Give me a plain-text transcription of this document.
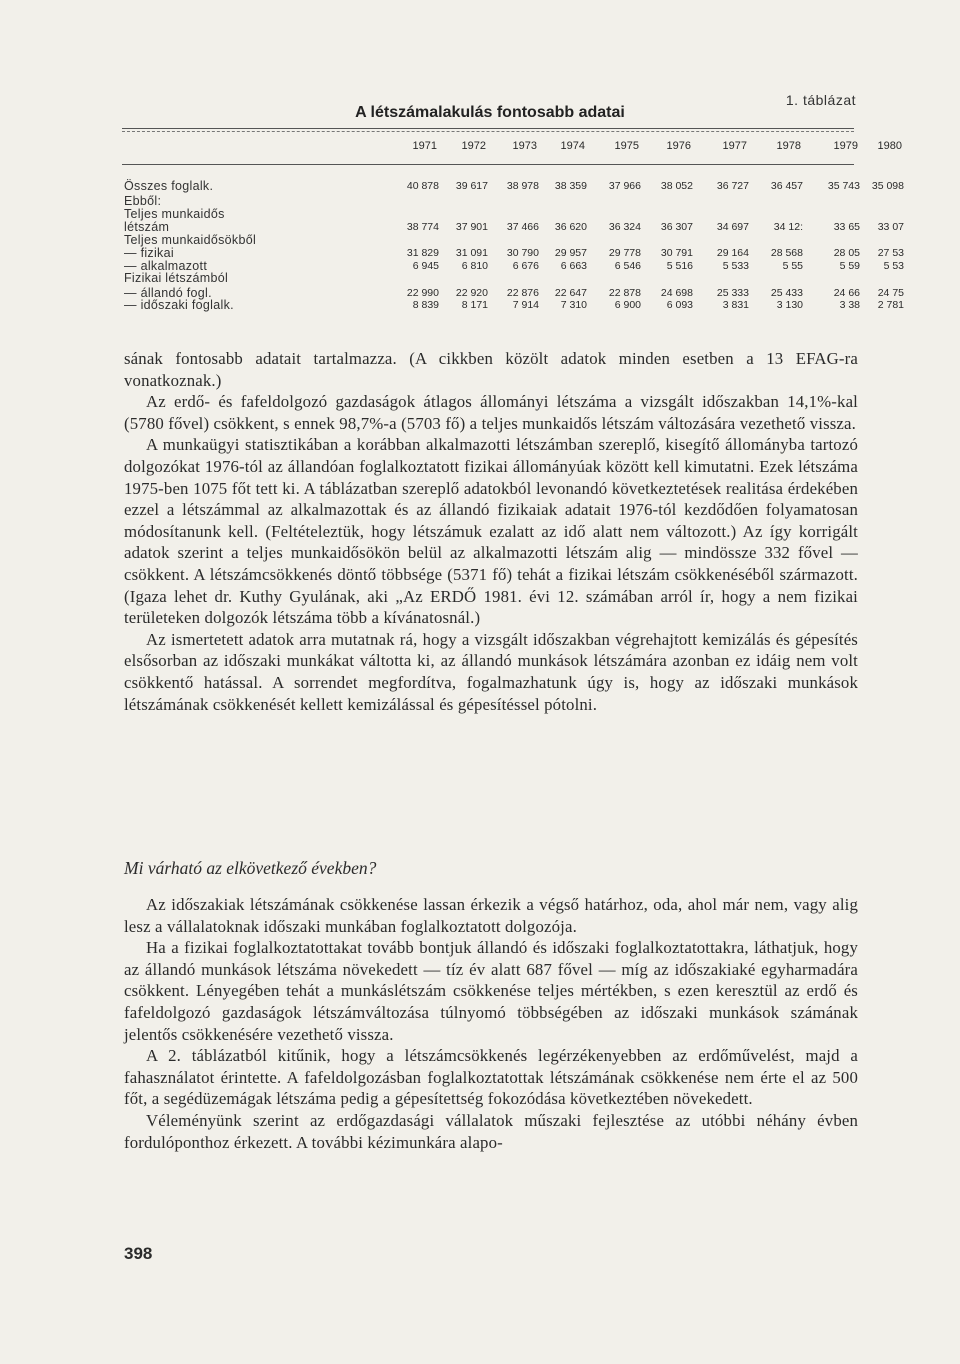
1. táblázat
A létszámalakulás fontosabb adatai
1971	1972	1973	1974	1975	1976	1977	1978	1979	1980
Összes foglalk.	40 878	39 617	38 978	38 359	37 966	38 052	36 727	36 457	35 743	35 098
Ebből:
Teljes munkaidős
létszám	38 774	37 901	37 466	36 620	36 324	36 307	34 697	34 12:	33 65	33 07
Teljes munkaidősökből
— fizikai	31 829	31 091	30 790	29 957	29 778	30 791	29 164	28 568	28 05	27 53
— alkalmazott	6 945	6 810	6 676	6 663	6 546	5 516	5 533	5 55	5 59	5 53
Fizikai létszámból
— állandó fogl.	22 990	22 920	22 876	22 647	22 878	24 698	25 333	25 433	24 66	24 75
— időszaki foglalk.	8 839	8 171	7 914	7 310	6 900	6 093	3 831	3 130	3 38	2 781

sának fontosabb adatait tartalmazza. (A cikkben közölt adatok minden esetben a 13 EFAG-ra vonatkoznak.)

Az erdő- és fafeldolgozó gazdaságok átlagos állományi létszáma a vizsgált időszakban 14,1%-kal (5780 fővel) csökkent, s ennek 98,7%-a (5703 fő) a teljes munkaidős létszám változására vezethető vissza.

A munkaügyi statisztikában a korábban alkalmazotti létszámban szereplő, kisegítő állományba tartozó dolgozókat 1976-tól az állandóan foglalkoztatott fizikai állományúak között kell kimutatni. Ezek létszáma 1975-ben 1075 főt tett ki. A táblázatban szereplő adatokból levonandó következtetések realitása érdekében ezzel a létszámmal az alkalmazottak és az állandó fizikaiak adatait 1976-tól kezdődően folyamatosan módosítanunk kell. (Feltételeztük, hogy létszámuk ezalatt az idő alatt nem változott.) Az így korrigált adatok szerint a teljes munkaidősökön belül az alkalmazotti létszám alig — mindössze 332 fővel — csökkent. A létszámcsökkenés döntő többsége (5371 fő) tehát a fizikai létszám csökkenéséből származott. (Igaza lehet dr. Kuthy Gyulának, aki „Az ERDŐ 1981. évi 12. számában arról ír, hogy a nem fizikai területeken dolgozók létszáma több a kívánatosnál.)

Az ismertetett adatok arra mutatnak rá, hogy a vizsgált időszakban végrehajtott kemizálás és gépesítés elsősorban az időszaki munkákat váltotta ki, az állandó munkások létszámára azonban ez idáig nem volt csökkentő hatással. A sorrendet megfordítva, fogalmazhatunk úgy is, hogy az időszaki munkások létszámának csökkenését kellett kemizálással és gépesítéssel pótolni.

Mi várható az elkövetkező években?

Az időszakiak létszámának csökkenése lassan érkezik a végső határhoz, oda, ahol már nem, vagy alig lesz a vállalatoknak időszaki munkában foglalkoztatott dolgozója.

Ha a fizikai foglalkoztatottakat tovább bontjuk állandó és időszaki foglalkoztatottakra, láthatjuk, hogy az állandó munkások létszáma növekedett — tíz év alatt 687 fővel — míg az időszakiaké egyharmadára csökkent. Lényegében tehát a munkáslétszám csökkenése teljes mértékben, s ezen keresztül az erdő és fafeldolgozó gazdaságok létszámváltozása túlnyomó többségében az időszaki munkások számának jelentős csökkenésére vezethető vissza.

A 2. táblázatból kitűnik, hogy a létszámcsökkenés legérzékenyebben az erdőművelést, majd a fahasználatot érintette. A fafeldolgozásban foglalkoztatottak létszámának csökkenése nem érte el az 500 főt, a segédüzemágak létszáma pedig a gépesítettség fokozódása következtében növekedett.

Véleményünk szerint az erdőgazdasági vállalatok műszaki fejlesztése az utóbbi néhány évben fordulóponthoz érkezett. A további kézimunkára alapo-

398
